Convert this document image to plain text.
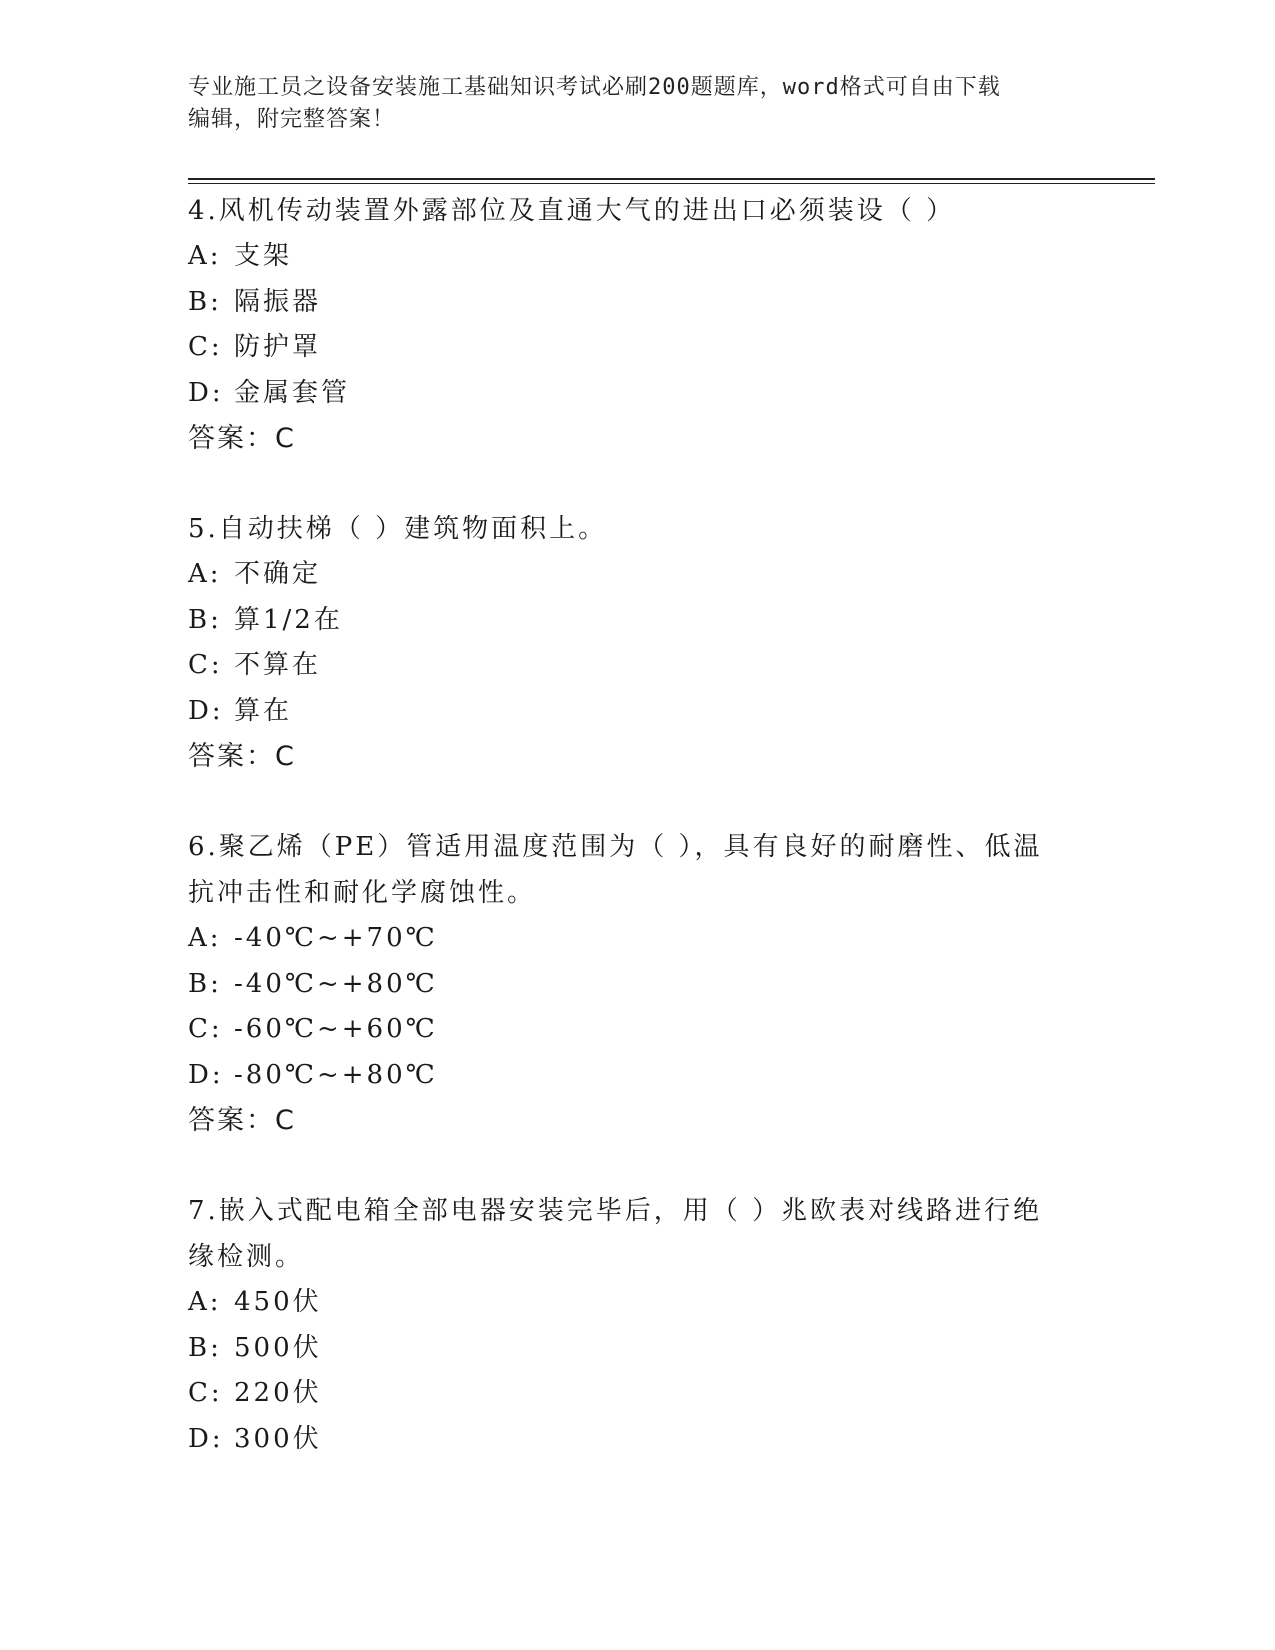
专业施工员之设备安装施工基础知识考试必刷200题题库，word格式可自由下载
编辑，附完整答案！

4.风机传动装置外露部位及直通大气的进出口必须装设（ ）

A: 支架
B: 隔振器
C: 防护罩
D: 金属套管

答案：C

5.自动扶梯（ ）建筑物面积上。

A: 不确定
B: 算1/2在
C: 不算在
D: 算在

答案：C

6.聚乙烯（PE）管适用温度范围为（ ），具有良好的耐磨性、低温抗冲击性和耐化学腐蚀性。

A: -40℃~+70℃
B: -40℃~+80℃
C: -60℃~+60℃
D: -80℃~+80℃

答案：C

7.嵌入式配电箱全部电器安装完毕后，用（ ）兆欧表对线路进行绝缘检测。

A: 450伏
B: 500伏
C: 220伏
D: 300伏
